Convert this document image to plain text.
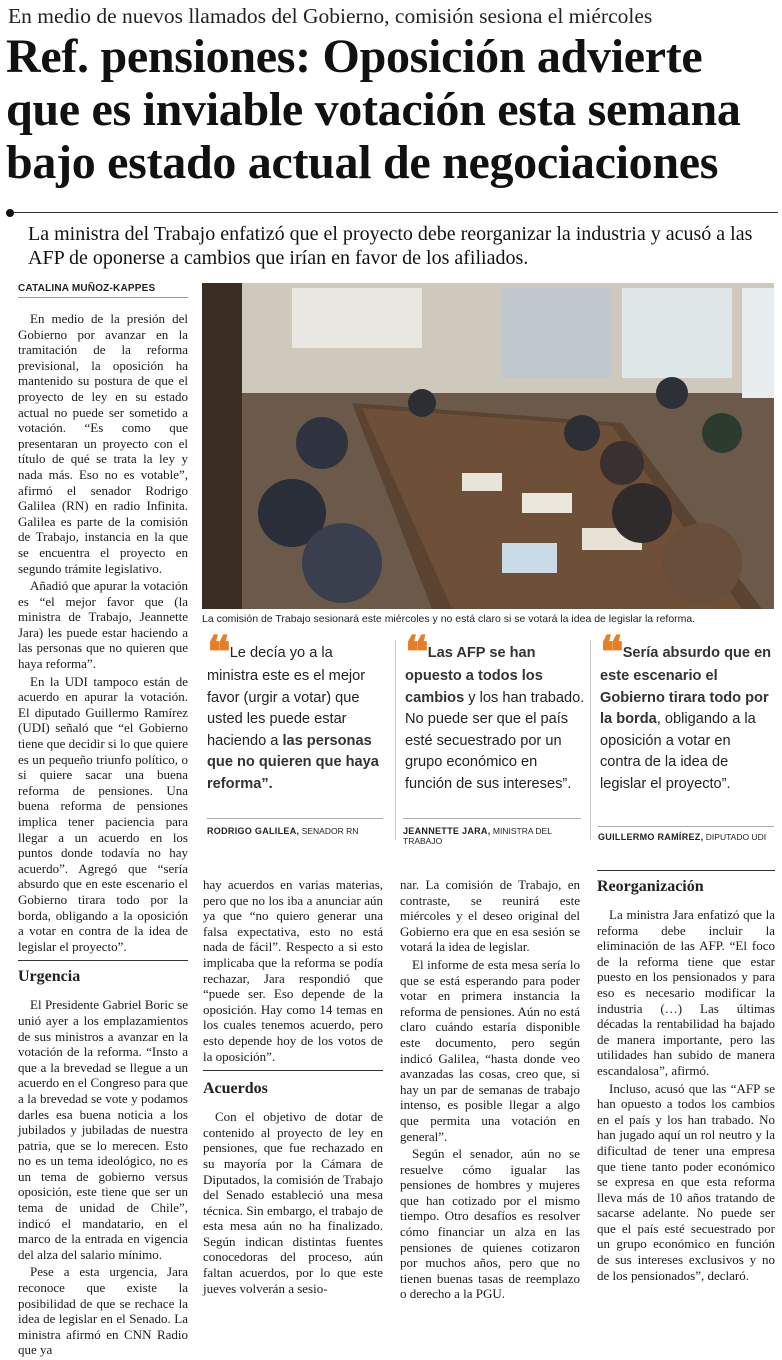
En medio de nuevos llamados del Gobierno, comisión sesiona el miércoles
Ref. pensiones: Oposición advierte que es inviable votación esta semana bajo estado actual de negociaciones
La ministra del Trabajo enfatizó que el proyecto debe reorganizar la industria y acusó a las AFP de oponerse a cambios que irían en favor de los afiliados.
CATALINA MUÑOZ-KAPPES

En medio de la presión del Gobierno por avanzar en la tramitación de la reforma previsional, la oposición ha mantenido su postura de que el proyecto de ley en su estado actual no puede ser sometido a votación. “Es como que presentaran un proyecto con el título de qué se trata la ley y nada más. Eso no es votable”, afirmó el senador Rodrigo Galilea (RN) en radio Infinita. Galilea es parte de la comisión de Trabajo, instancia en la que se encuentra el proyecto en segundo trámite legislativo.

Añadió que apurar la votación es “el mejor favor que (la ministra de Trabajo, Jeannette Jara) les puede estar haciendo a las personas que no quieren que haya reforma”.

En la UDI tampoco están de acuerdo en apurar la votación. El diputado Guillermo Ramírez (UDI) señaló que “el Gobierno tiene que decidir si lo que quiere es un pequeño triunfo político, o si quiere sacar una buena reforma de pensiones. Una buena reforma de pensiones implica tener paciencia para llegar a un acuerdo en los puntos donde todavía no hay acuerdo”. Agregó que “sería absurdo que en este escenario el Gobierno tirara todo por la borda, obligando a la oposición a votar en contra de la idea de legislar el proyecto”.

Urgencia

El Presidente Gabriel Boric se unió ayer a los emplazamientos de sus ministros a avanzar en la votación de la reforma. “Insto a que a la brevedad se llegue a un acuerdo en el Congreso para que a la brevedad se vote y podamos darles esa buena noticia a los jubilados y jubiladas de nuestra patria, que se lo merecen. Esto no es un tema ideológico, no es un tema de gobierno versus oposición, este tiene que ser un tema de unidad de Chile”, indicó el mandatario, en el marco de la entrada en vigencia del alza del salario mínimo.

Pese a esta urgencia, Jara reconoce que existe la posibilidad de que se rechace la idea de legislar en el Senado. La ministra afirmó en CNN Radio que ya

La comisión de Trabajo sesionará este miércoles y no está claro si se votará la idea de legislar la reforma.
❝ Le decía yo a la ministra este es el mejor favor (urgir a votar) que usted les puede estar haciendo a las personas que no quieren que haya reforma”.
RODRIGO GALILEA, SENADOR RN
❝ Las AFP se han opuesto a todos los cambios y los han trabado. No puede ser que el país esté secuestrado por un grupo económico en función de sus intereses”.
JEANNETTE JARA, MINISTRA DEL TRABAJO
❝ Sería absurdo que en este escenario el Gobierno tirara todo por la borda, obligando a la oposición a votar en contra de la idea de legislar el proyecto”.
GUILLERMO RAMÍREZ, DIPUTADO UDI

hay acuerdos en varias materias, pero que no los iba a anunciar aún ya que “no quiero generar una falsa expectativa, esto no está nada de fácil”. Respecto a si esto implicaba que la reforma se podía rechazar, Jara respondió que “puede ser. Eso depende de la oposición. Hay como 14 temas en los cuales tenemos acuerdo, pero esto depende hoy de los votos de la oposición”.

Acuerdos

Con el objetivo de dotar de contenido al proyecto de ley en pensiones, que fue rechazado en su mayoría por la Cámara de Diputados, la comisión de Trabajo del Senado estableció una mesa técnica. Sin embargo, el trabajo de esta mesa aún no ha finalizado. Según indican distintas fuentes conocedoras del proceso, aún faltan acuerdos, por lo que este jueves volverán a sesio-

nar. La comisión de Trabajo, en contraste, se reunirá este miércoles y el deseo original del Gobierno era que en esa sesión se votará la idea de legislar.

El informe de esta mesa sería lo que se está esperando para poder votar en primera instancia la reforma de pensiones. Aún no está claro cuándo estaría disponible este documento, pero según indicó Galilea, “hasta donde veo avanzadas las cosas, creo que, si hay un par de semanas de trabajo intenso, es posible llegar a algo que permita una votación en general”.

Según el senador, aún no se resuelve cómo igualar las pensiones de hombres y mujeres que han cotizado por el mismo tiempo. Otro desafíos es resolver cómo financiar un alza en las pensiones de quienes cotizaron por muchos años, pero que no tienen buenas tasas de reemplazo o derecho a la PGU.

Reorganización

La ministra Jara enfatizó que la reforma debe incluir la eliminación de las AFP. “El foco de la reforma tiene que estar puesto en los pensionados y para eso es necesario modificar la industria (…) Las últimas décadas la rentabilidad ha bajado de manera importante, pero las utilidades han subido de manera escandalosa”, afirmó.

Incluso, acusó que las “AFP se han opuesto a todos los cambios en el país y los han trabado. No han jugado aquí un rol neutro y la dificultad de tener una empresa que tiene tanto poder económico se expresa en que esta reforma lleva más de 10 años tratando de sacarse adelante. No puede ser que el país esté secuestrado por un grupo económico en función de sus intereses exclusivos y no de los pensionados”, declaró.
